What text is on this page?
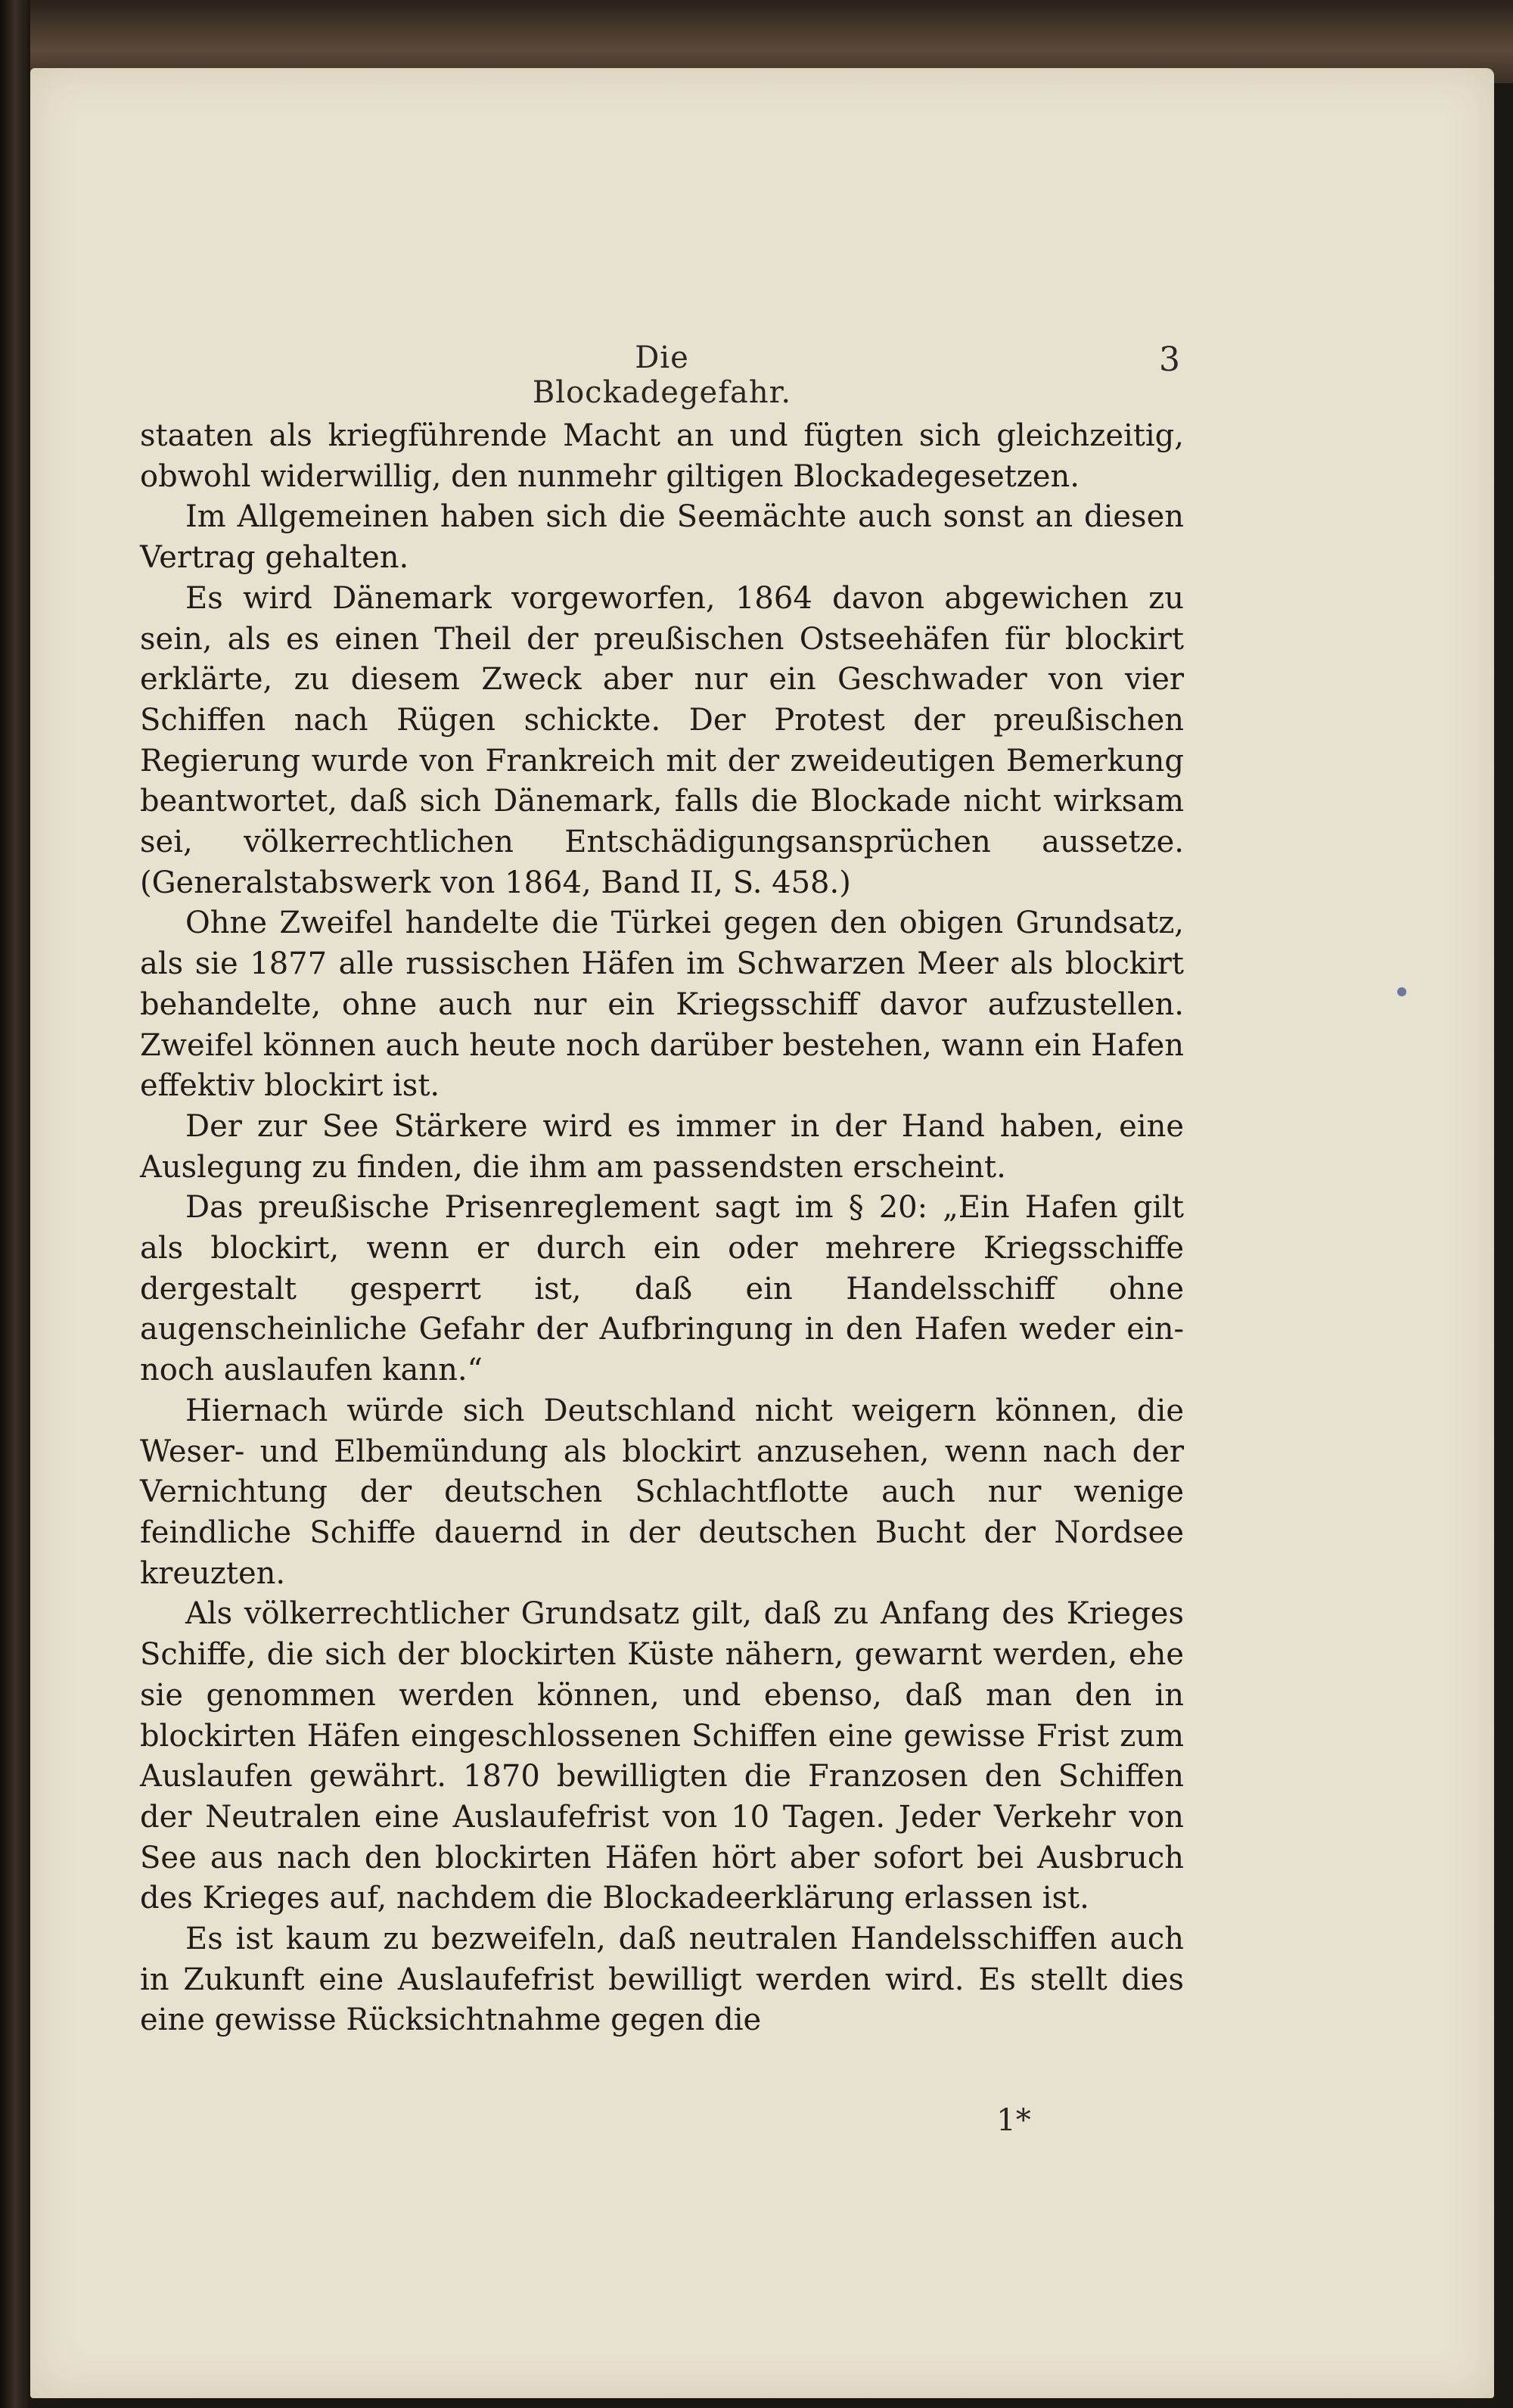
Die Blockadegefahr.
3

staaten als kriegführende Macht an und fügten sich gleichzeitig, obwohl widerwillig, den nunmehr giltigen Blockadegesetzen.

Im Allgemeinen haben sich die Seemächte auch sonst an diesen Vertrag gehalten.

Es wird Dänemark vorgeworfen, 1864 davon abgewichen zu sein, als es einen Theil der preußischen Ostseehäfen für blockirt erklärte, zu diesem Zweck aber nur ein Geschwader von vier Schiffen nach Rügen schickte. Der Protest der preußischen Regierung wurde von Frankreich mit der zweideutigen Bemerkung beantwortet, daß sich Dänemark, falls die Blockade nicht wirksam sei, völkerrechtlichen Entschädigungsansprüchen aussetze. (Generalstabswerk von 1864, Band II, S. 458.)

Ohne Zweifel handelte die Türkei gegen den obigen Grundsatz, als sie 1877 alle russischen Häfen im Schwarzen Meer als blockirt behandelte, ohne auch nur ein Kriegsschiff davor aufzustellen. Zweifel können auch heute noch darüber bestehen, wann ein Hafen effektiv blockirt ist.

Der zur See Stärkere wird es immer in der Hand haben, eine Auslegung zu finden, die ihm am passendsten erscheint.

Das preußische Prisenreglement sagt im § 20: „Ein Hafen gilt als blockirt, wenn er durch ein oder mehrere Kriegsschiffe dergestalt gesperrt ist, daß ein Handelsschiff ohne augenscheinliche Gefahr der Aufbringung in den Hafen weder ein- noch auslaufen kann.“

Hiernach würde sich Deutschland nicht weigern können, die Weser- und Elbemündung als blockirt anzusehen, wenn nach der Vernichtung der deutschen Schlachtflotte auch nur wenige feindliche Schiffe dauernd in der deutschen Bucht der Nordsee kreuzten.

Als völkerrechtlicher Grundsatz gilt, daß zu Anfang des Krieges Schiffe, die sich der blockirten Küste nähern, gewarnt werden, ehe sie genommen werden können, und ebenso, daß man den in blockirten Häfen eingeschlossenen Schiffen eine gewisse Frist zum Auslaufen gewährt. 1870 bewilligten die Franzosen den Schiffen der Neutralen eine Auslaufefrist von 10 Tagen. Jeder Verkehr von See aus nach den blockirten Häfen hört aber sofort bei Ausbruch des Krieges auf, nachdem die Blockadeerklärung erlassen ist.

Es ist kaum zu bezweifeln, daß neutralen Handelsschiffen auch in Zukunft eine Auslaufefrist bewilligt werden wird. Es stellt dies eine gewisse Rücksichtnahme gegen die

1*
